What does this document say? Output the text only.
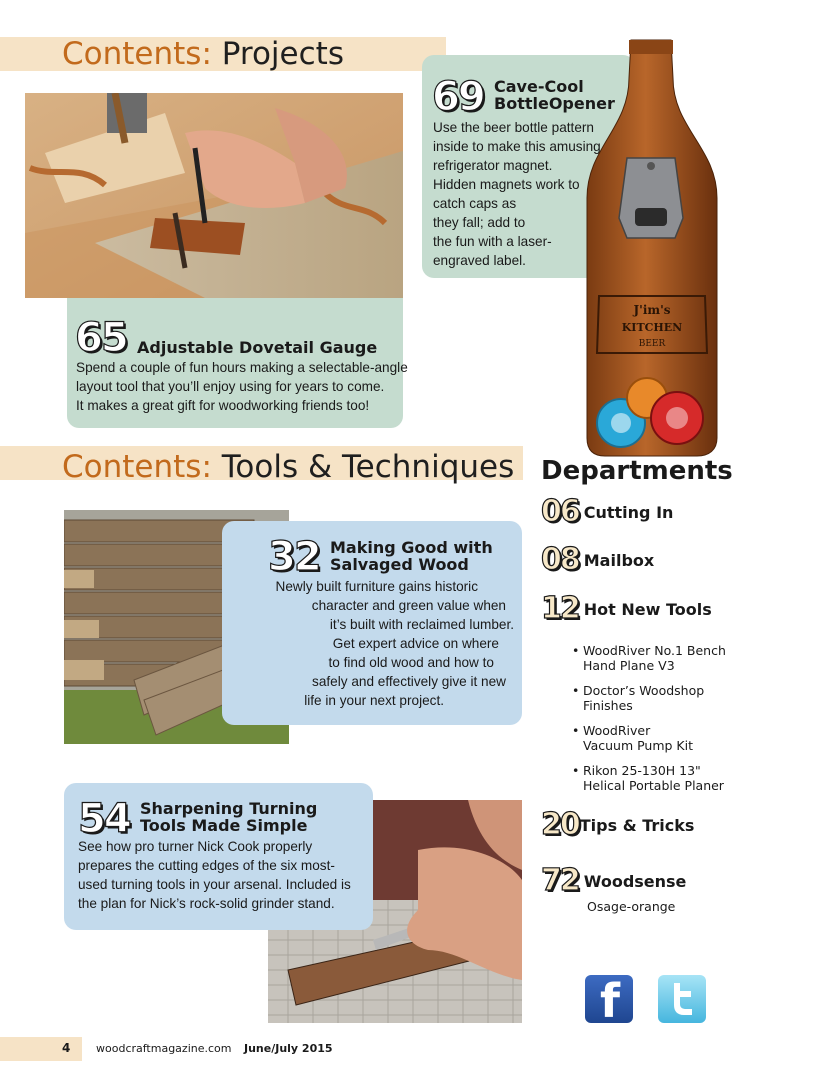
Contents: Projects
65 Adjustable Dovetail Gauge
Spend a couple of fun hours making a selectable-angle
layout tool that you’ll enjoy using for years to come.
It makes a great gift for woodworking friends too!
69 Cave-Cool
BottleOpener
Use the beer bottle pattern
inside to make this amusing
refrigerator magnet.
Hidden magnets work to
catch caps as
they fall; add to
the fun with a laser-
engraved label.
J'im's
KITCHEN
BEER
Contents: Tools & Techniques
32 Making Good with
Salvaged Wood
Newly built furniture gains historic
character and green value when
it’s built with reclaimed lumber.
Get expert advice on where
to find old wood and how to
safely and effectively give it new
life in your next project.
54 Sharpening Turning
Tools Made Simple
See how pro turner Nick Cook properly
prepares the cutting edges of the six most-
used turning tools in your arsenal. Included is
the plan for Nick’s rock-solid grinder stand.
Departments
06 Cutting In
08 Mailbox
12 Hot New Tools
• WoodRiver No.1 Bench
Hand Plane V3
• Doctor’s Woodshop
Finishes
• WoodRiver
Vacuum Pump Kit
• Rikon 25-130H 13"
Helical Portable Planer
20Tips & Tricks
72 Woodsense
Osage-orange
f
4 woodcraftmagazine.com June/July 2015
